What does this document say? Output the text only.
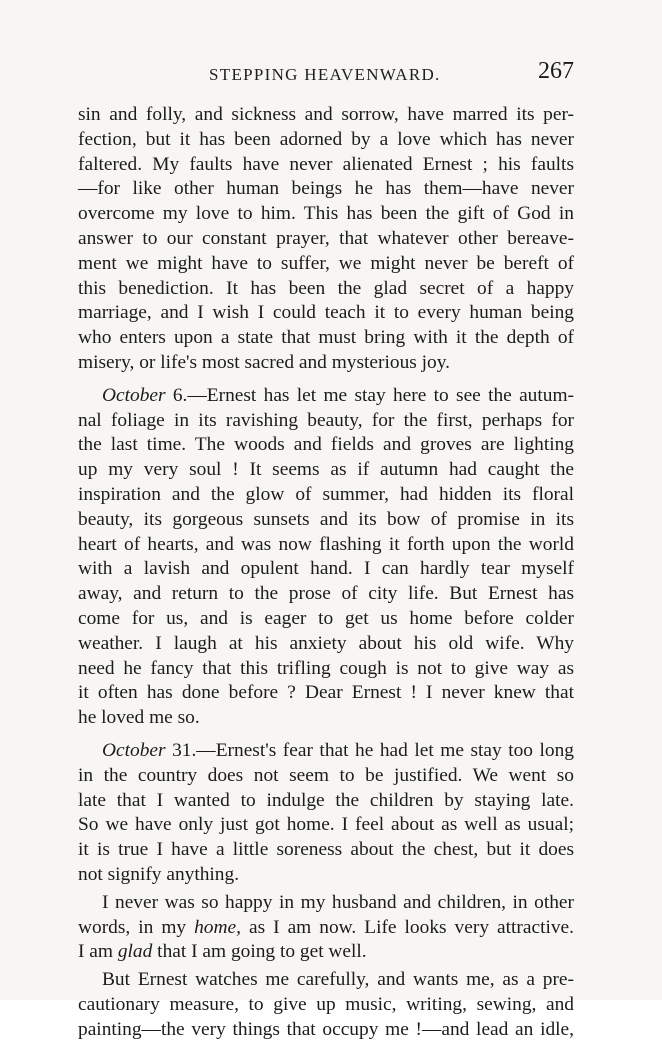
STEPPING HEAVENWARD.	267
sin and folly, and sickness and sorrow, have marred its per-
fection, but it has been adorned by a love which has never
faltered. My faults have never alienated Ernest ; his faults
—for like other human beings he has them—have never
overcome my love to him. This has been the gift of God in
answer to our constant prayer, that whatever other bereave-
ment we might have to suffer, we might never be bereft of
this benediction. It has been the glad secret of a happy
marriage, and I wish I could teach it to every human being
who enters upon a state that must bring with it the depth of
misery, or life's most sacred and mysterious joy.
October 6.—Ernest has let me stay here to see the autum-
nal foliage in its ravishing beauty, for the first, perhaps for
the last time. The woods and fields and groves are lighting
up my very soul ! It seems as if autumn had caught the
inspiration and the glow of summer, had hidden its floral
beauty, its gorgeous sunsets and its bow of promise in its
heart of hearts, and was now flashing it forth upon the world
with a lavish and opulent hand. I can hardly tear myself
away, and return to the prose of city life. But Ernest has
come for us, and is eager to get us home before colder
weather. I laugh at his anxiety about his old wife. Why
need he fancy that this trifling cough is not to give way as
it often has done before ? Dear Ernest ! I never knew that
he loved me so.
October 31.—Ernest's fear that he had let me stay too long
in the country does not seem to be justified. We went so
late that I wanted to indulge the children by staying late.
So we have only just got home. I feel about as well as usual;
it is true I have a little soreness about the chest, but it does
not signify anything.
I never was so happy in my husband and children, in other
words, in my home, as I am now. Life looks very attractive.
I am glad that I am going to get well.
But Ernest watches me carefully, and wants me, as a pre-
cautionary measure, to give up music, writing, sewing, and
painting—the very things that occupy me !—and lead an idle,
